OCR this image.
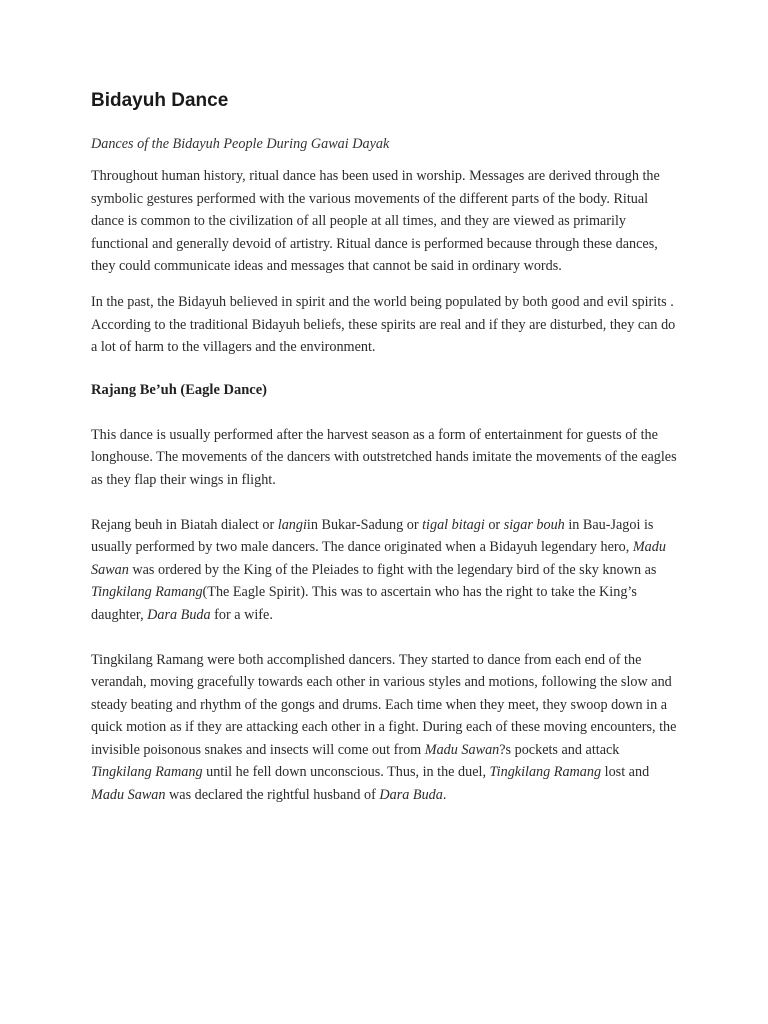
Bidayuh Dance
Dances of the Bidayuh People During Gawai Dayak

Throughout human history, ritual dance has been used in worship. Messages are derived through the symbolic gestures performed with the various movements of the different parts of the body. Ritual dance is common to the civilization of all people at all times, and they are viewed as primarily functional and generally devoid of artistry. Ritual dance is performed because through these dances, they could communicate ideas and messages that cannot be said in ordinary words.

In the past, the Bidayuh believed in spirit and the world being populated by both good and evil spirits . According to the traditional Bidayuh beliefs, these spirits are real and if they are disturbed, they can do a lot of harm to the villagers and the environment.

Rajang Be’uh (Eagle Dance)

This dance is usually performed after the harvest season as a form of entertainment for guests of the longhouse. The movements of the dancers with outstretched hands imitate the movements of the eagles as they flap their wings in flight.

Rejang beuh in Biatah dialect or langiin Bukar-Sadung or tigal bitagi or sigar bouh in Bau-Jagoi is usually performed by two male dancers. The dance originated when a Bidayuh legendary hero, Madu Sawan was ordered by the King of the Pleiades to fight with the legendary bird of the sky known as Tingkilang Ramang(The Eagle Spirit). This was to ascertain who has the right to take the King’s daughter, Dara Buda for a wife.

Tingkilang Ramang were both accomplished dancers. They started to dance from each end of the verandah, moving gracefully towards each other in various styles and motions, following the slow and steady beating and rhythm of the gongs and drums. Each time when they meet, they swoop down in a quick motion as if they are attacking each other in a fight. During each of these moving encounters, the invisible poisonous snakes and insects will come out from Madu Sawan?s pockets and attack Tingkilang Ramang until he fell down unconscious. Thus, in the duel, Tingkilang Ramang lost and Madu Sawan was declared the rightful husband of Dara Buda.
